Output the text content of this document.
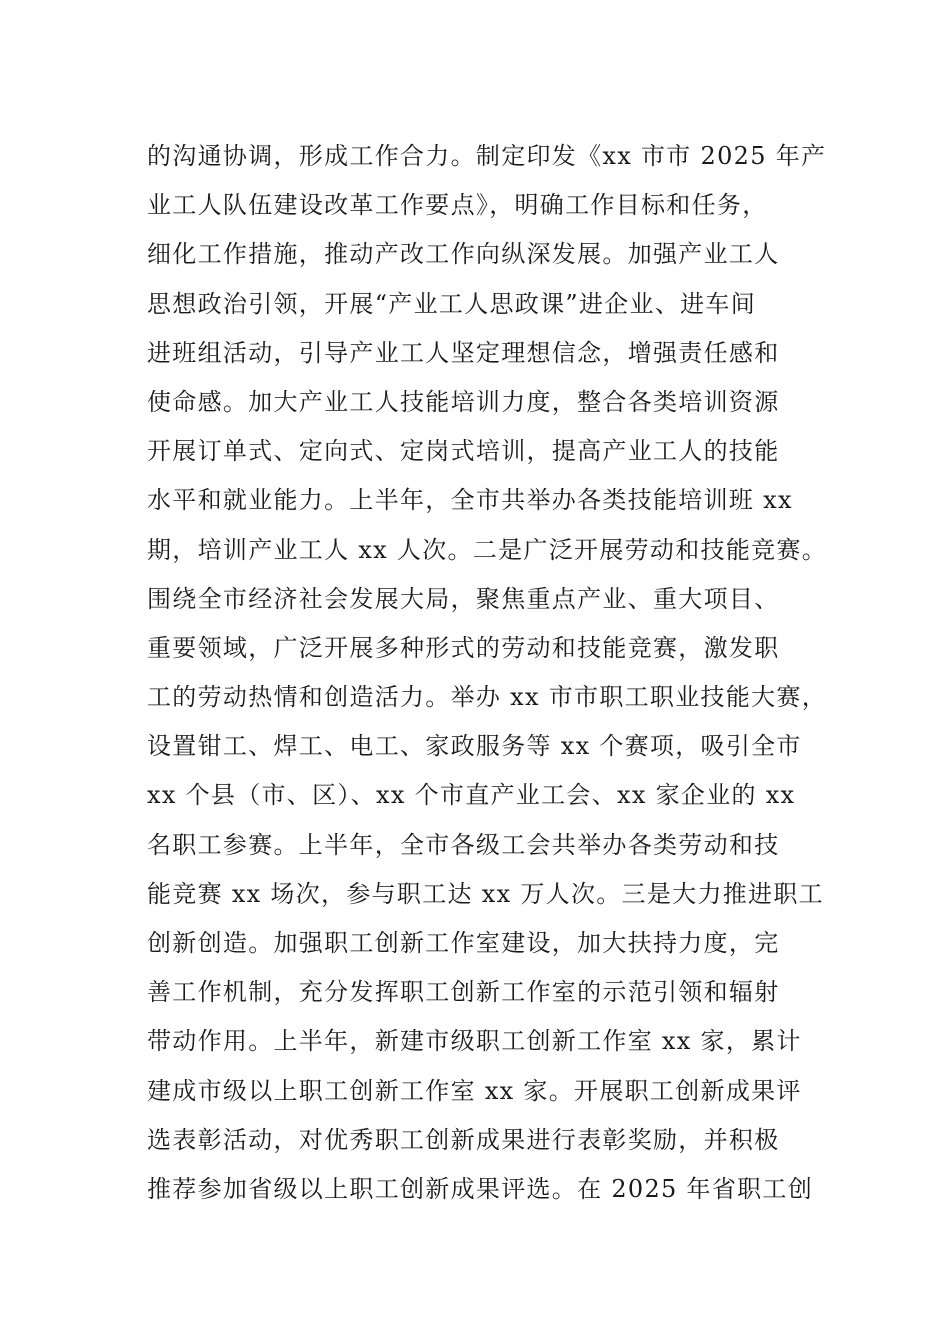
的沟通协调，形成工作合力。制定印发《xx 市市 2025 年产
业工人队伍建设改革工作要点》，明确工作目标和任务，
细化工作措施，推动产改工作向纵深发展。加强产业工人
思想政治引领，开展“产业工人思政课”进企业、进车间
进班组活动，引导产业工人坚定理想信念，增强责任感和
使命感。加大产业工人技能培训力度，整合各类培训资源
开展订单式、定向式、定岗式培训，提高产业工人的技能
水平和就业能力。上半年，全市共举办各类技能培训班 xx
期，培训产业工人 xx 人次。二是广泛开展劳动和技能竞赛。
围绕全市经济社会发展大局，聚焦重点产业、重大项目、
重要领域，广泛开展多种形式的劳动和技能竞赛，激发职
工的劳动热情和创造活力。举办 xx 市市职工职业技能大赛，
设置钳工、焊工、电工、家政服务等 xx 个赛项，吸引全市
xx 个县（市、区）、xx 个市直产业工会、xx 家企业的 xx
名职工参赛。上半年，全市各级工会共举办各类劳动和技
能竞赛 xx 场次，参与职工达 xx 万人次。三是大力推进职工
创新创造。加强职工创新工作室建设，加大扶持力度，完
善工作机制，充分发挥职工创新工作室的示范引领和辐射
带动作用。上半年，新建市级职工创新工作室 xx 家，累计
建成市级以上职工创新工作室 xx 家。开展职工创新成果评
选表彰活动，对优秀职工创新成果进行表彰奖励，并积极
推荐参加省级以上职工创新成果评选。在 2025 年省职工创
